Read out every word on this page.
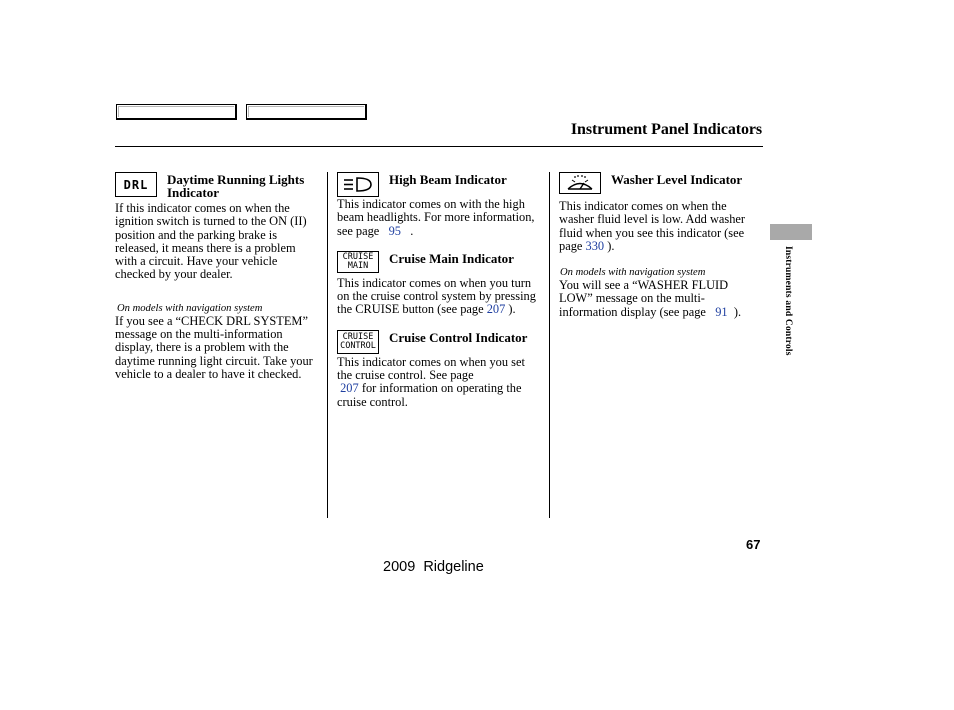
Instrument Panel Indicators
DRL Daytime Running Lights Indicator

If this indicator comes on when the ignition switch is turned to the ON (II) position and the parking brake is released, it means there is a problem with a circuit. Have your vehicle checked by your dealer.

On models with navigation system

If you see a “CHECK DRL SYSTEM” message on the multi-information display, there is a problem with the daytime running light circuit. Take your vehicle to a dealer to have it checked.

High Beam Indicator

This indicator comes on with the high beam headlights. For more information, see page 95 .

CRUISE
MAIN Cruise Main Indicator

This indicator comes on when you turn on the cruise control system by pressing the CRUISE button (see page 207 ).

CRUISE
CONTROL
Cruise Control Indicator

This indicator comes on when you set the cruise control. See page
207 for information on operating the cruise control.

Washer Level Indicator

This indicator comes on when the washer fluid level is low. Add washer fluid when you see this indicator (see page 330 ).

On models with navigation system

You will see a “WASHER FLUID LOW” message on the multi-information display (see page 91 ).	Instruments and Controls
67
2009  Ridgeline
